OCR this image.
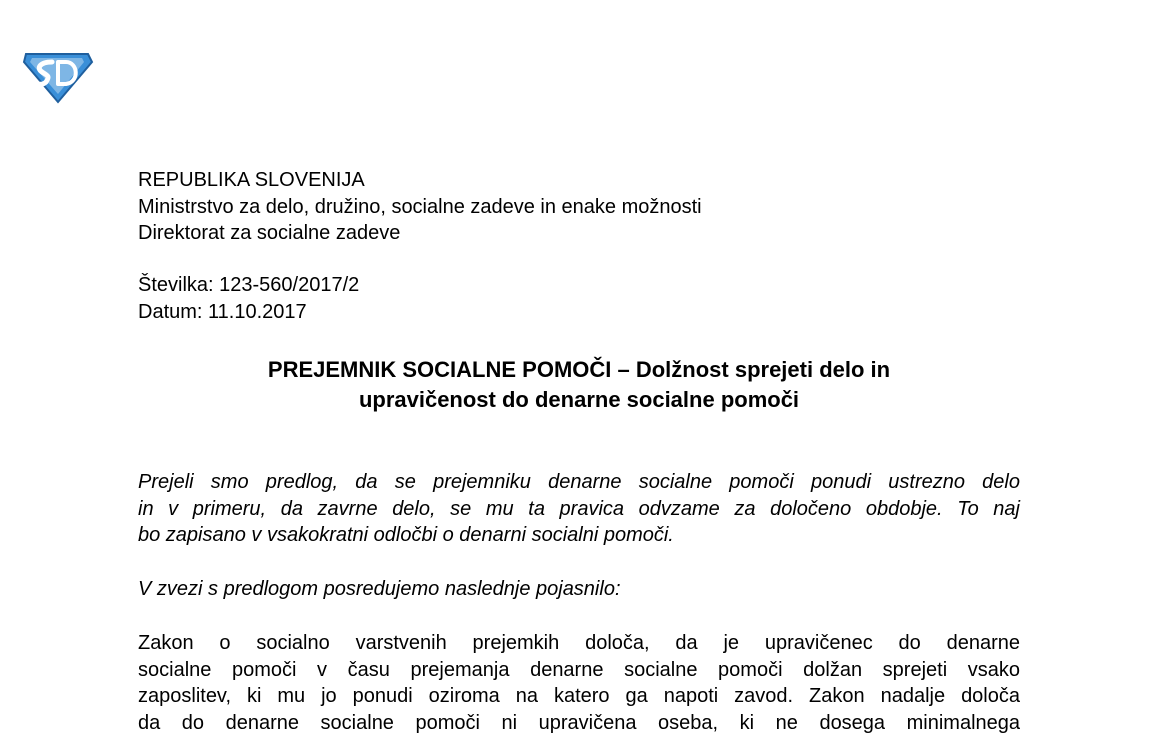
REPUBLIKA SLOVENIJA
Ministrstvo za delo, družino, socialne zadeve in enake možnosti
Direktorat za socialne zadeve
Številka: 123-560/2017/2
Datum: 11.10.2017
PREJEMNIK SOCIALNE POMOČI – Dolžnost sprejeti delo in
upravičenost do denarne socialne pomoči
Prejeli smo predlog, da se prejemniku denarne socialne pomoči ponudi ustrezno delo
in v primeru, da zavrne delo, se mu ta pravica odvzame za določeno obdobje. To naj
bo zapisano v vsakokratni odločbi o denarni socialni pomoči.
V zvezi s predlogom posredujemo naslednje pojasnilo:
Zakon o socialno varstvenih prejemkih določa, da je upravičenec do denarne
socialne pomoči v času prejemanja denarne socialne pomoči dolžan sprejeti vsako
zaposlitev, ki mu jo ponudi oziroma na katero ga napoti zavod. Zakon nadalje določa
da do denarne socialne pomoči ni upravičena oseba, ki ne dosega minimalnega
